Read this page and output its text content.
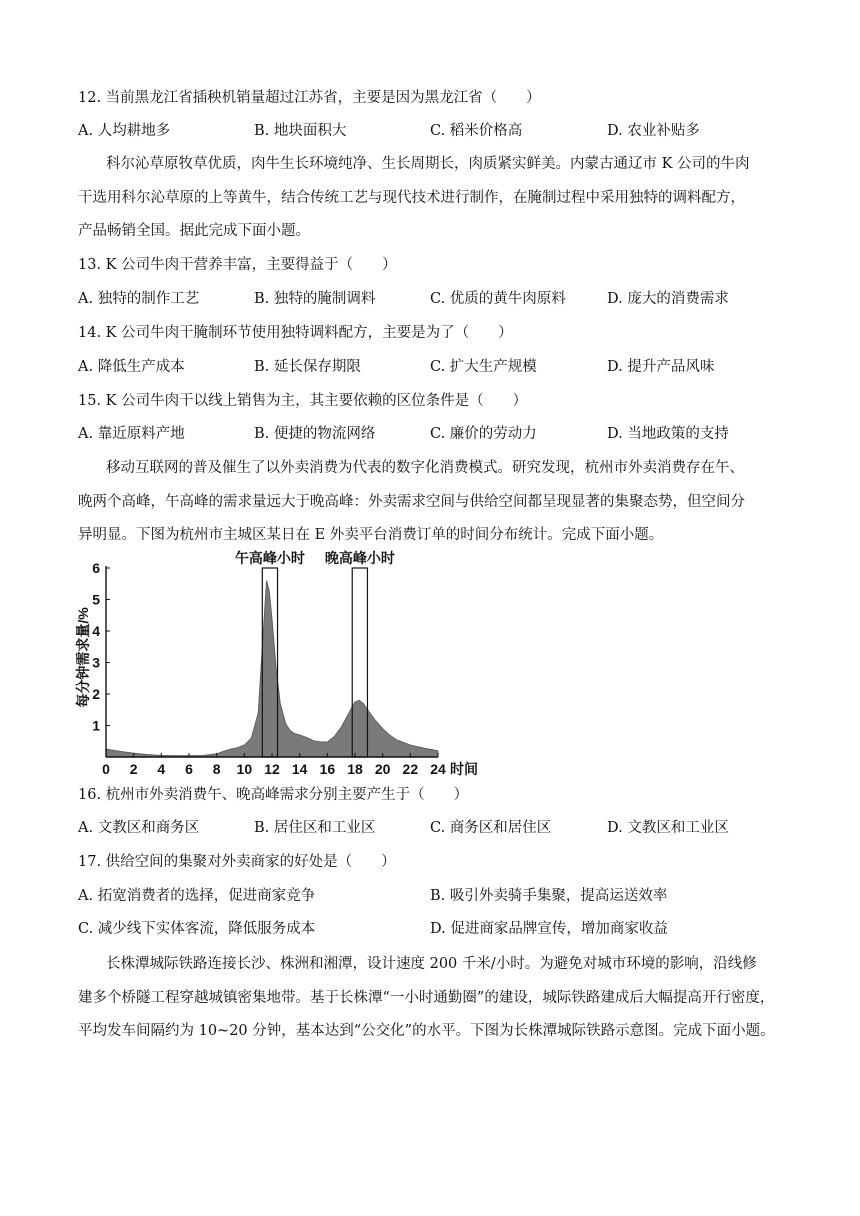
12. 当前黑龙江省插秧机销量超过江苏省，主要是因为黑龙江省（　　）
A. 人均耕地多	B. 地块面积大	C. 稻米价格高	D. 农业补贴多
科尔沁草原牧草优质，肉牛生长环境纯净、生长周期长，肉质紧实鲜美。内蒙古通辽市 K 公司的牛肉
干选用科尔沁草原的上等黄牛，结合传统工艺与现代技术进行制作，在腌制过程中采用独特的调料配方，
产品畅销全国。据此完成下面小题。
13. K 公司牛肉干营养丰富，主要得益于（　　）
A. 独特的制作工艺	B. 独特的腌制调料	C. 优质的黄牛肉原料	D. 庞大的消费需求
14. K 公司牛肉干腌制环节使用独特调料配方，主要是为了（　　）
A. 降低生产成本	B. 延长保存期限	C. 扩大生产规模	D. 提升产品风味
15. K 公司牛肉干以线上销售为主，其主要依赖的区位条件是（　　）
A. 靠近原料产地	B. 便捷的物流网络	C. 廉价的劳动力	D. 当地政策的支持
移动互联网的普及催生了以外卖消费为代表的数字化消费模式。研究发现，杭州市外卖消费存在午、
晚两个高峰，午高峰的需求量远大于晚高峰：外卖需求空间与供给空间都呈现显著的集聚态势，但空间分
异明显。下图为杭州市主城区某日在 E 外卖平台消费订单的时间分布统计。完成下面小题。
午高峰小时 晚高峰小时
1
2
3
4
5
6
0 2 4 6 8 10 12 14 16 18 20 22 24
每分钟需求量/%
时间
16. 杭州市外卖消费午、晚高峰需求分别主要产生于（　　）
A. 文教区和商务区	B. 居住区和工业区	C. 商务区和居住区	D. 文教区和工业区
17. 供给空间的集聚对外卖商家的好处是（　　）
A. 拓宽消费者的选择，促进商家竞争	B. 吸引外卖骑手集聚，提高运送效率
C. 减少线下实体客流，降低服务成本	D. 促进商家品牌宣传，增加商家收益
长株潭城际铁路连接长沙、株洲和湘潭，设计速度 200 千米/小时。为避免对城市环境的影响，沿线修
建多个桥隧工程穿越城镇密集地带。基于长株潭“一小时通勤圈”的建设，城际铁路建成后大幅提高开行密度，
平均发车间隔约为 10~20 分钟，基本达到“公交化”的水平。下图为长株潭城际铁路示意图。完成下面小题。
